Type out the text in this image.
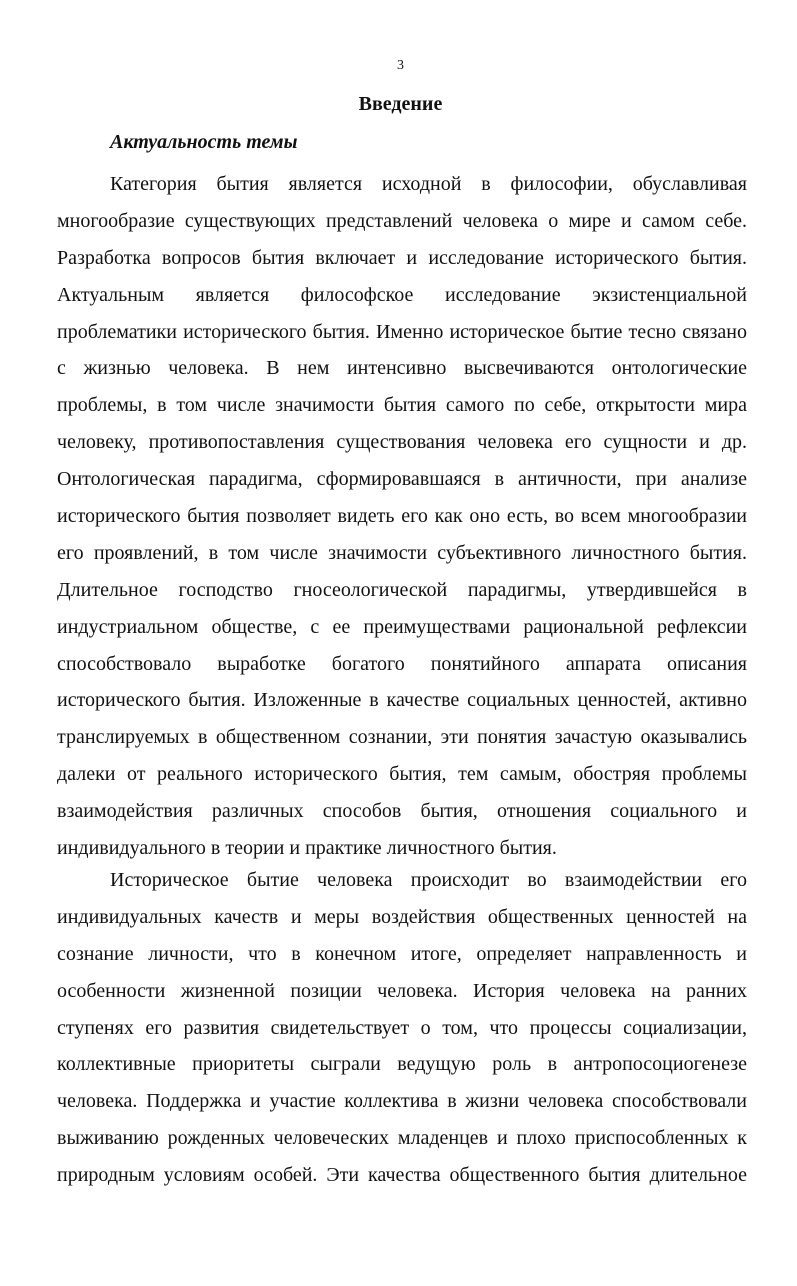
3
Введение
Актуальность темы
Категория бытия является исходной в философии, обуславливая
многообразие существующих представлений человека о мире и самом себе.
Разработка вопросов бытия включает и исследование исторического бытия.
Актуальным является философское исследование экзистенциальной
проблематики исторического бытия. Именно историческое бытие тесно связано
с жизнью человека. В нем интенсивно высвечиваются онтологические
проблемы, в том числе значимости бытия самого по себе, открытости мира
человеку, противопоставления существования человека его сущности и др.
Онтологическая парадигма, сформировавшаяся в античности, при анализе
исторического бытия позволяет видеть его как оно есть, во всем многообразии
его проявлений, в том числе значимости субъективного личностного бытия.
Длительное господство гносеологической парадигмы, утвердившейся в
индустриальном обществе, с ее преимуществами рациональной рефлексии
способствовало выработке богатого понятийного аппарата описания
исторического бытия. Изложенные в качестве социальных ценностей, активно
транслируемых в общественном сознании, эти понятия зачастую оказывались
далеки от реального исторического бытия, тем самым, обостряя проблемы
взаимодействия различных способов бытия, отношения социального и
индивидуального в теории и практике личностного бытия.
Историческое бытие человека происходит во взаимодействии его
индивидуальных качеств и меры воздействия общественных ценностей на
сознание личности, что в конечном итоге, определяет направленность и
особенности жизненной позиции человека. История человека на ранних
ступенях его развития свидетельствует о том, что процессы социализации,
коллективные приоритеты сыграли ведущую роль в антропосоциогенезе
человека. Поддержка и участие коллектива в жизни человека способствовали
выживанию рожденных человеческих младенцев и плохо приспособленных к
природным условиям особей. Эти качества общественного бытия длительное
